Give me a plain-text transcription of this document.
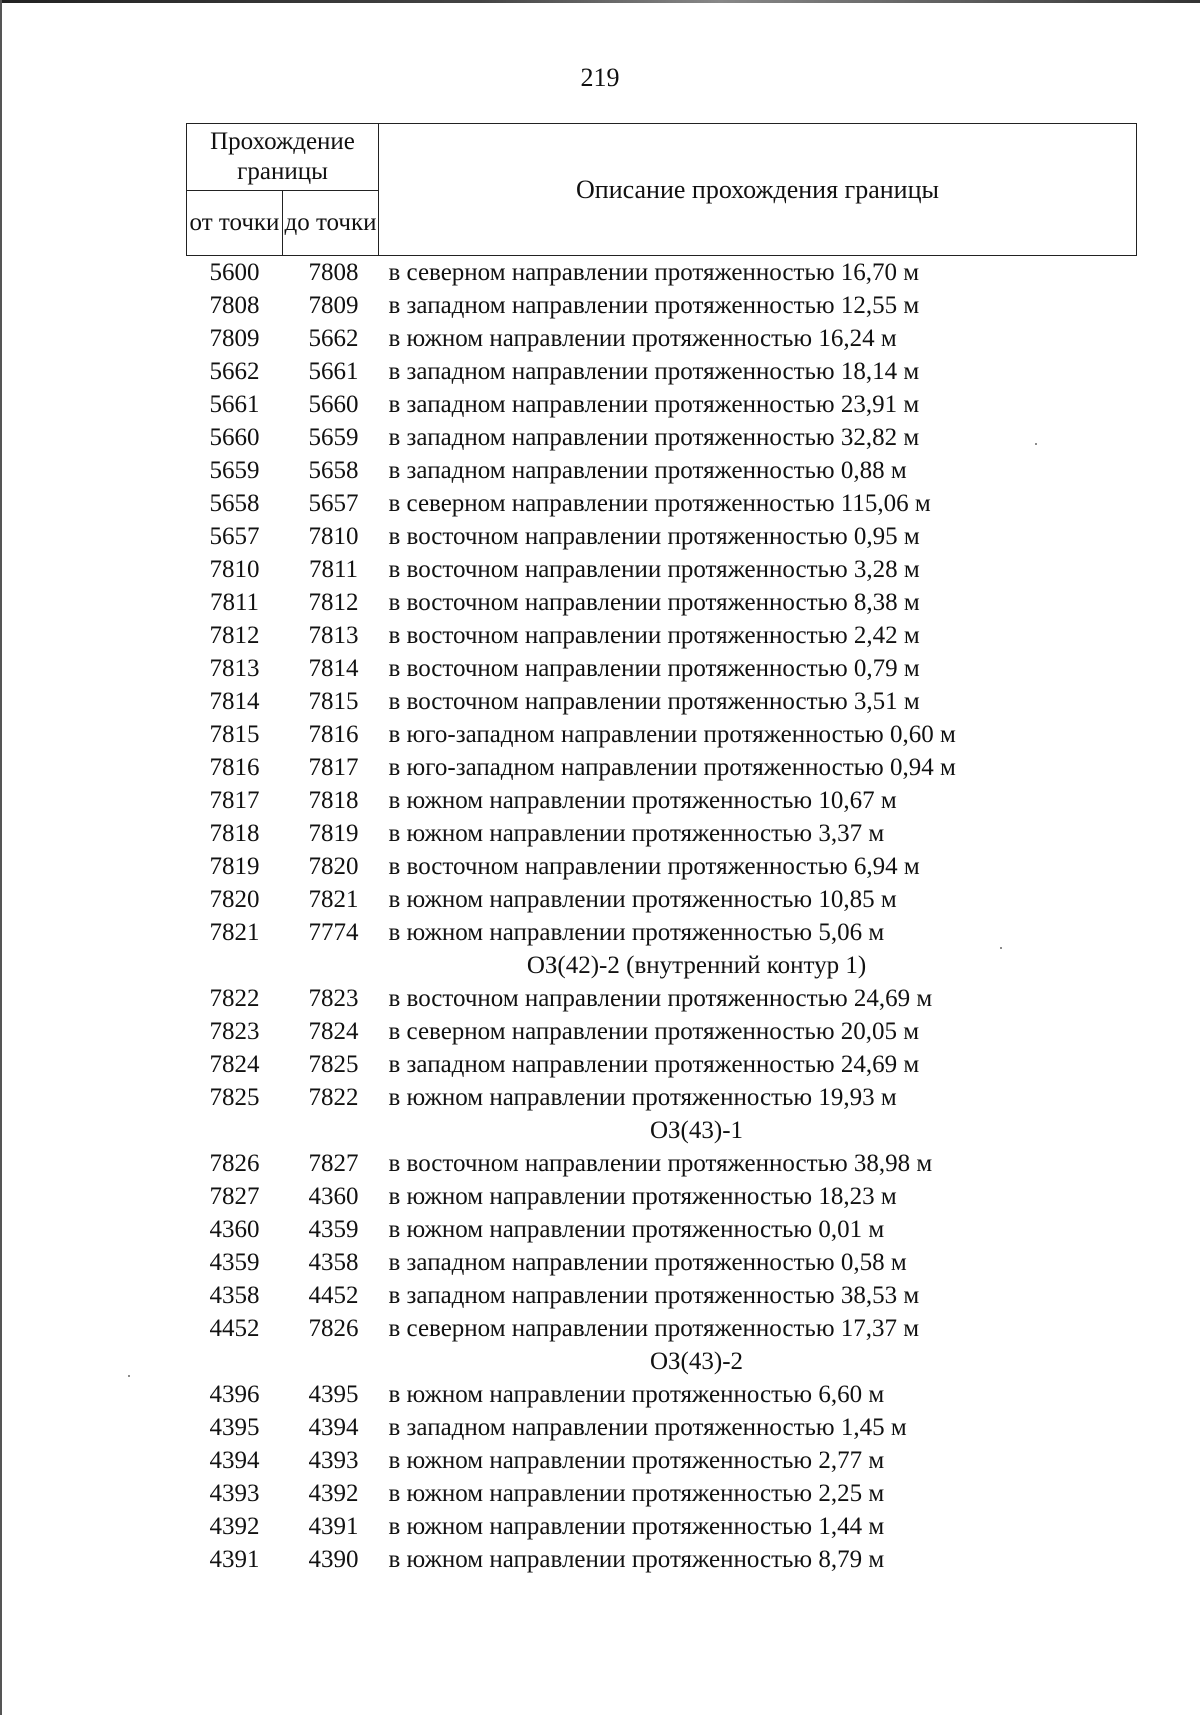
219
Прохождение границы		Описание прохождения границы
от точки	до точки	
5600	7808	в северном направлении протяженностью 16,70 м
7808	7809	в западном направлении протяженностью 12,55 м
7809	5662	в южном направлении протяженностью 16,24 м
5662	5661	в западном направлении протяженностью 18,14 м
5661	5660	в западном направлении протяженностью 23,91 м
5660	5659	в западном направлении протяженностью 32,82 м
5659	5658	в западном направлении протяженностью 0,88 м
5658	5657	в северном направлении протяженностью 115,06 м
5657	7810	в восточном направлении протяженностью 0,95 м
7810	7811	в восточном направлении протяженностью 3,28 м
7811	7812	в восточном направлении протяженностью 8,38 м
7812	7813	в восточном направлении протяженностью 2,42 м
7813	7814	в восточном направлении протяженностью 0,79 м
7814	7815	в восточном направлении протяженностью 3,51 м
7815	7816	в юго-западном направлении протяженностью 0,60 м
7816	7817	в юго-западном направлении протяженностью 0,94 м
7817	7818	в южном направлении протяженностью 10,67 м
7818	7819	в южном направлении протяженностью 3,37 м
7819	7820	в восточном направлении протяженностью 6,94 м
7820	7821	в южном направлении протяженностью 10,85 м
7821	7774	в южном направлении протяженностью 5,06 м
ОЗ(42)-2 (внутренний контур 1)		
7822	7823	в восточном направлении протяженностью 24,69 м
7823	7824	в северном направлении протяженностью 20,05 м
7824	7825	в западном направлении протяженностью 24,69 м
7825	7822	в южном направлении протяженностью 19,93 м
ОЗ(43)-1		
7826	7827	в восточном направлении протяженностью 38,98 м
7827	4360	в южном направлении протяженностью 18,23 м
4360	4359	в южном направлении протяженностью 0,01 м
4359	4358	в западном направлении протяженностью 0,58 м
4358	4452	в западном направлении протяженностью 38,53 м
4452	7826	в северном направлении протяженностью 17,37 м
ОЗ(43)-2		
4396	4395	в южном направлении протяженностью 6,60 м
4395	4394	в западном направлении протяженностью 1,45 м
4394	4393	в южном направлении протяженностью 2,77 м
4393	4392	в южном направлении протяженностью 2,25 м
4392	4391	в южном направлении протяженностью 1,44 м
4391	4390	в южном направлении протяженностью 8,79 м
